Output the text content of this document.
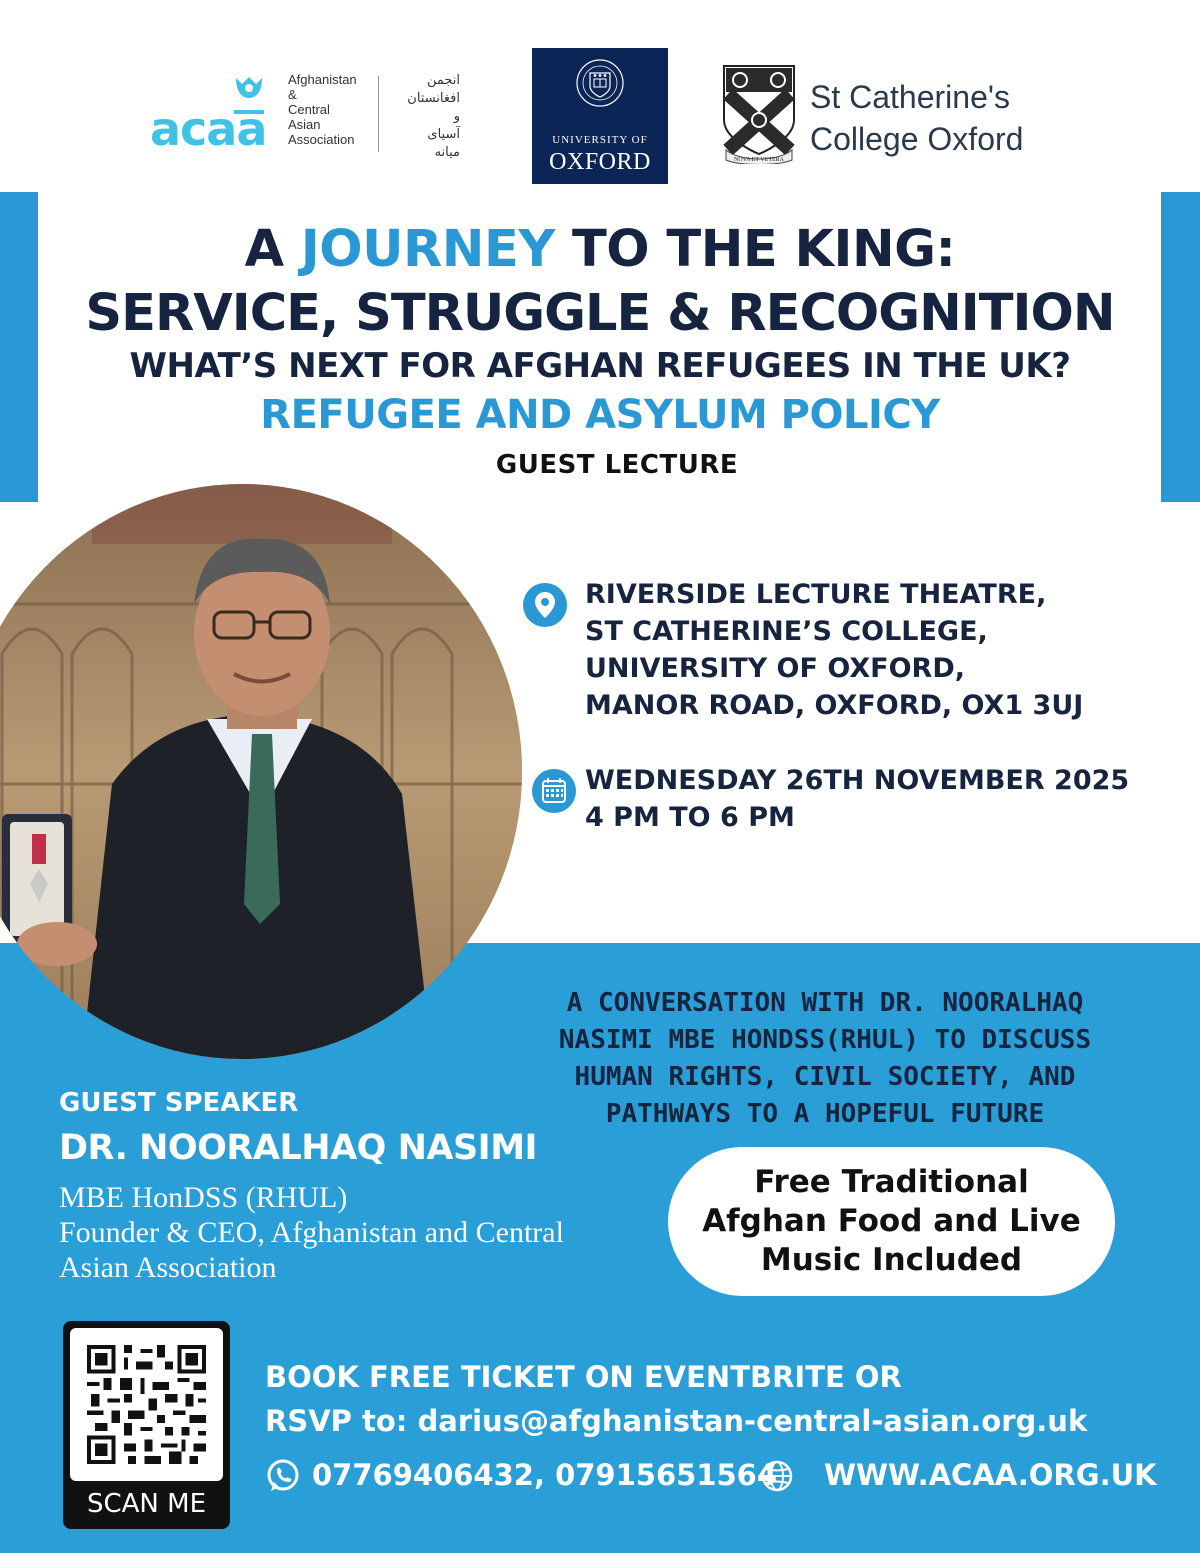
acaa
Afghanistan
&
Central
Asian
Association
انجمن
افغانستان
و
آسیای
میانه
UNIVERSITY OF
OXFORD	NOVA ET VETERA
St Catherine's
College Oxford
A JOURNEY TO THE KING:
SERVICE, STRUGGLE & RECOGNITION
WHAT’S NEXT FOR AFGHAN REFUGEES IN THE UK?
REFUGEE AND ASYLUM POLICY
GUEST LECTURE
RIVERSIDE LECTURE THEATRE,
ST CATHERINE’S COLLEGE,
UNIVERSITY OF OXFORD,
MANOR ROAD, OXFORD, OX1 3UJ
WEDNESDAY 26TH NOVEMBER 2025
4 PM TO 6 PM
A CONVERSATION WITH DR. NOORALHAQ
NASIMI MBE HONDSS(RHUL) TO DISCUSS
HUMAN RIGHTS, CIVIL SOCIETY, AND
PATHWAYS TO A HOPEFUL FUTURE
GUEST SPEAKER
DR. NOORALHAQ NASIMI
MBE HonDSS (RHUL)
Founder & CEO, Afghanistan and Central
Asian Association
Free Traditional
Afghan Food and Live
Music Included
SCAN ME
BOOK FREE TICKET ON EVENTBRITE OR
RSVP to: darius@afghanistan-central-asian.org.uk
07769406432, 07915651564 WWW.ACAA.ORG.UK
